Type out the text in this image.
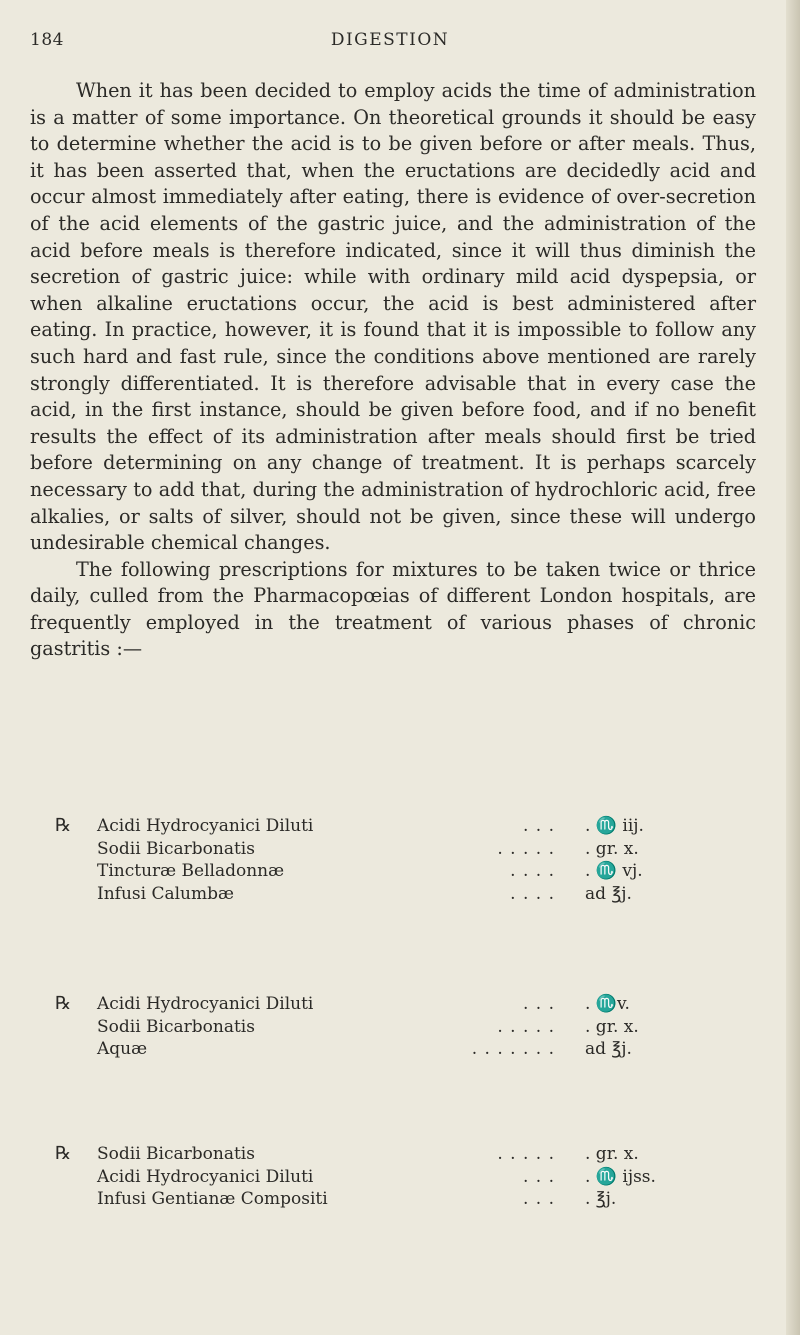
184	DIGESTION

When it has been decided to employ acids the time of administration is a matter of some importance. On theoretical grounds it should be easy to determine whether the acid is to be given before or after meals. Thus, it has been asserted that, when the eructations are decidedly acid and occur almost immediately after eating, there is evidence of over-secretion of the acid elements of the gastric juice, and the administration of the acid before meals is therefore indicated, since it will thus diminish the secretion of gastric juice: while with ordinary mild acid dyspepsia, or when alkaline eructations occur, the acid is best administered after eating. In practice, however, it is found that it is impossible to follow any such hard and fast rule, since the conditions above mentioned are rarely strongly differentiated. It is therefore advisable that in every case the acid, in the first instance, should be given before food, and if no benefit results the effect of its administration after meals should first be tried before determining on any change of treatment. It is perhaps scarcely necessary to add that, during the administration of hydrochloric acid, free alkalies, or salts of silver, should not be given, since these will undergo undesirable chemical changes.

The following prescriptions for mixtures to be taken twice or thrice daily, culled from the Pharmacopœias of different London hospitals, are frequently employed in the treatment of various phases of chronic gastritis :—

℞ Acidi Hydrocyanici Diluti	. . . . ♏ iij.
Sodii Bicarbonatis	. . . . . . gr. x.
Tincturæ Belladonnæ	. . . . . ♏ vj.
Infusi Calumbæ	. . . . ad ℥j.
℞ Acidi Hydrocyanici Diluti	. . . . ♏v.
Sodii Bicarbonatis	. . . . . . gr. x.
Aquæ	. . . . . . . ad ℥j.
℞ Sodii Bicarbonatis	. . . . . . gr. x.
Acidi Hydrocyanici Diluti	. . . . ♏ ijss.
Infusi Gentianæ Compositi	. . . . ℥j.
